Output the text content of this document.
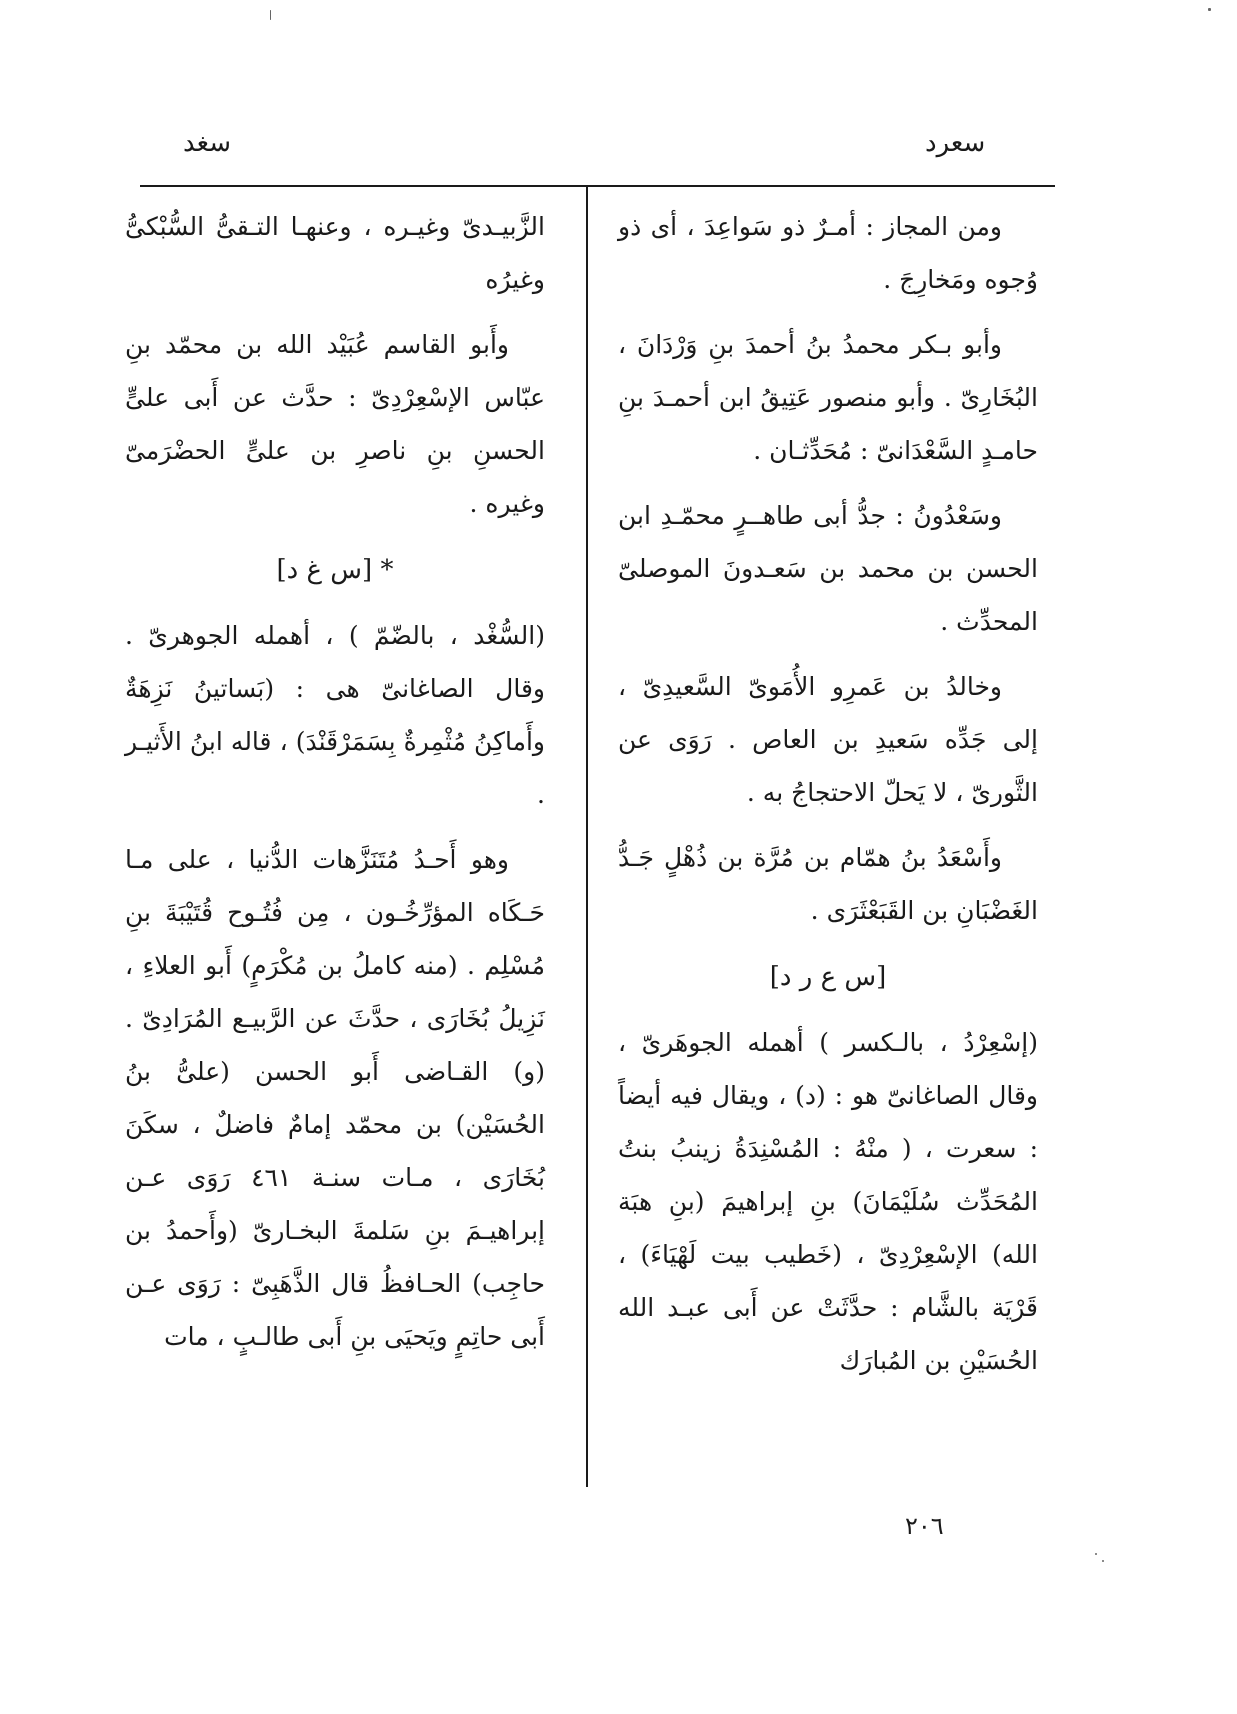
سعرد
سغد

ومن المجاز : أمـرٌ ذو سَواعِدَ ، أى ذو وُجوه ومَخارِجَ .

وأبو بـكر محمدُ بنُ أحمدَ بنِ وَرْدَانَ ، البُخَارِىّ . وأبو منصور عَتِيقُ ابن أحمـدَ بنِ حامـدٍ السَّعْدَانىّ : مُحَدِّثـان .

وسَعْدُونُ : جدُّ أبى طاهــرٍ محمّـدِ ابن الحسن بن محمد بن سَعـدونَ الموصلىّ المحدِّث .

وخالدُ بن عَمرِو الأُمَوىّ السَّعيدِىّ ، إلى جَدِّه سَعيدِ بن العاص . رَوَى عن الثَّورىّ ، لا يَحلّ الاحتجاجُ به .

وأَسْعَدُ بنُ همّام بن مُرَّة بن ذُهْلٍ جَـدُّ الغَضْبَانِ بن القَبَعْثَرَى .

[س ع ر د]

(إسْعِرْدُ ، بالـكسر ) أهمله الجوهَرىّ ، وقال الصاغانىّ هو : (د) ، ويقال فيه أيضاً : سعرت ، ( منْهُ : المُسْنِدَةُ زينبُ بنتُ المُحَدِّث سُلَيْمَانَ) بنِ إبراهيمَ (بنِ هبَة الله) الإسْعِرْدِىّ ، (خَطيب بيت لَهْيَاءَ) ، قَرْيَة بالشَّام : حدَّثَتْ عن أَبى عبـد الله الحُسَيْنِ بن المُبارَك

الزَّبيـدىّ وغيـره ، وعنهـا التـقىُّ السُّبْكىُّ وغيرُه

وأَبو القاسم عُبَيْد الله بن محمّد بنِ عبّاس الإسْعِرْدِىّ : حدَّث عن أَبى علىٍّ الحسنِ بنِ ناصرِ بن علىٍّ الحضْرَمىّ وغيره .

* [س غ د]

(السُّغْد ، بالضّمّ ) ، أهمله الجوهرىّ . وقال الصاغانىّ هى : (بَساتينُ نَزِهَةٌ وأَماكِنُ مُثْمِرةٌ بِسَمَرْقَنْدَ) ، قاله ابنُ الأَثيـر .

وهو أَحـدُ مُتَنَزَّهات الدُّنيا ، على مـا حَـكَاه المؤرِّخُـون ، مِن فُتُـوح قُتَيْبَةَ بنِ مُسْلِم . (منه كاملُ بن مُكْرَمٍ) أَبو العلاءِ ، نَزِيلُ بُخَارَى ، حدَّثَ عن الرَّبيـع المُرَادِىّ . (و) القـاضى أَبو الحسن (علىُّ بنُ الحُسَيْن) بن محمّد إمامٌ فاضلٌ ، سكَنَ بُخَارَى ، مـات سنـة ٤٦١ رَوَى عـن إبراهيـمَ بنِ سَلمةَ البخـارىّ (وأَحمدُ بن حاجِب) الحـافظُ قال الذَّهَبِىّ : رَوَى عـن أَبى حاتِمٍ ويَحيَى بنِ أَبى طالـبٍ ، مات

٢٠٦
